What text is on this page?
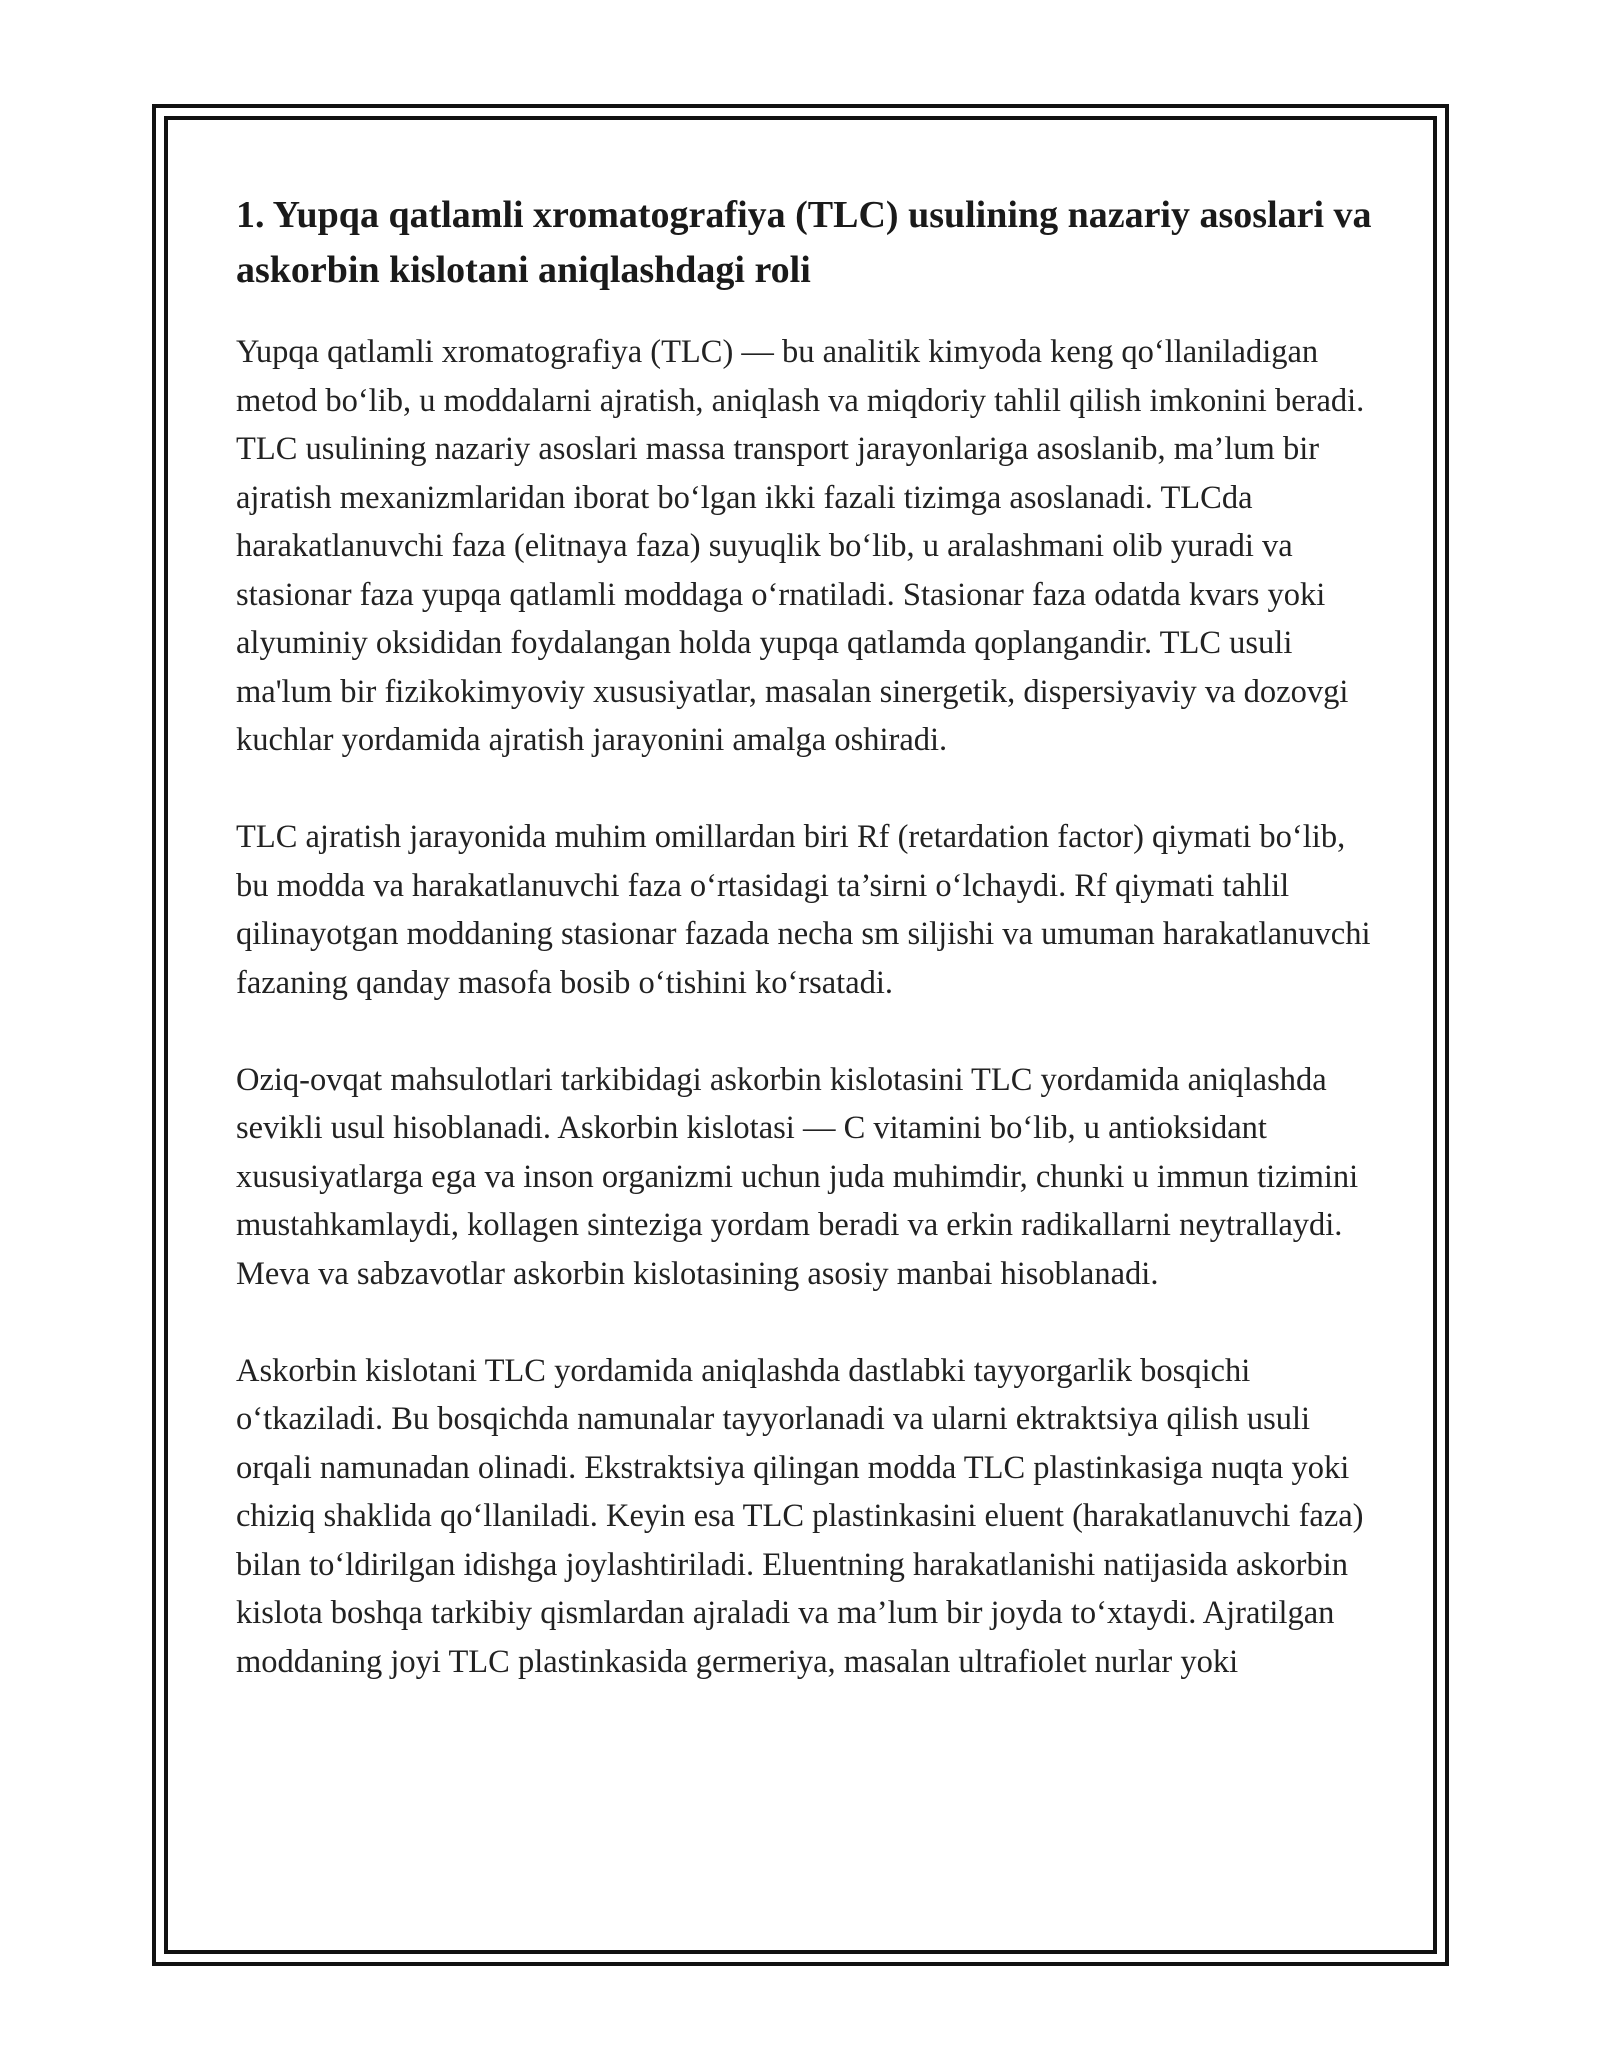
1. Yupqa qatlamli xromatografiya (TLC) usulining nazariy asoslari va askorbin kislotani aniqlashdagi roli

Yupqa qatlamli xromatografiya (TLC) — bu analitik kimyoda keng qo‘llaniladigan metod bo‘lib, u moddalarni ajratish, aniqlash va miqdoriy tahlil qilish imkonini beradi. TLC usulining nazariy asoslari massa transport jarayonlariga asoslanib, ma’lum bir ajratish mexanizmlaridan iborat bo‘lgan ikki fazali tizimga asoslanadi. TLCda harakatlanuvchi faza (elitnaya faza) suyuqlik bo‘lib, u aralashmani olib yuradi va stasionar faza yupqa qatlamli moddaga o‘rnatiladi. Stasionar faza odatda kvars yoki alyuminiy oksididan foydalangan holda yupqa qatlamda qoplangandir. TLC usuli ma'lum bir fizikokimyoviy xususiyatlar, masalan sinergetik, dispersiyaviy va dozovgi kuchlar yordamida ajratish jarayonini amalga oshiradi.

TLC ajratish jarayonida muhim omillardan biri Rf (retardation factor) qiymati bo‘lib, bu modda va harakatlanuvchi faza o‘rtasidagi ta’sirni o‘lchaydi. Rf qiymati tahlil qilinayotgan moddaning stasionar fazada necha sm siljishi va umuman harakatlanuvchi fazaning qanday masofa bosib o‘tishini ko‘rsatadi.

Oziq-ovqat mahsulotlari tarkibidagi askorbin kislotasini TLC yordamida aniqlashda sevikli usul hisoblanadi. Askorbin kislotasi — C vitamini bo‘lib, u antioksidant xususiyatlarga ega va inson organizmi uchun juda muhimdir, chunki u immun tizimini mustahkamlaydi, kollagen sinteziga yordam beradi va erkin radikallarni neytrallaydi. Meva va sabzavotlar askorbin kislotasining asosiy manbai hisoblanadi.

Askorbin kislotani TLC yordamida aniqlashda dastlabki tayyorgarlik bosqichi o‘tkaziladi. Bu bosqichda namunalar tayyorlanadi va ularni ektraktsiya qilish usuli orqali namunadan olinadi. Ekstraktsiya qilingan modda TLC plastinkasiga nuqta yoki chiziq shaklida qo‘llaniladi. Keyin esa TLC plastinkasini eluent (harakatlanuvchi faza) bilan to‘ldirilgan idishga joylashtiriladi. Eluentning harakatlanishi natijasida askorbin kislota boshqa tarkibiy qismlardan ajraladi va ma’lum bir joyda to‘xtaydi. Ajratilgan moddaning joyi TLC plastinkasida germeriya, masalan ultrafiolet nurlar yoki
